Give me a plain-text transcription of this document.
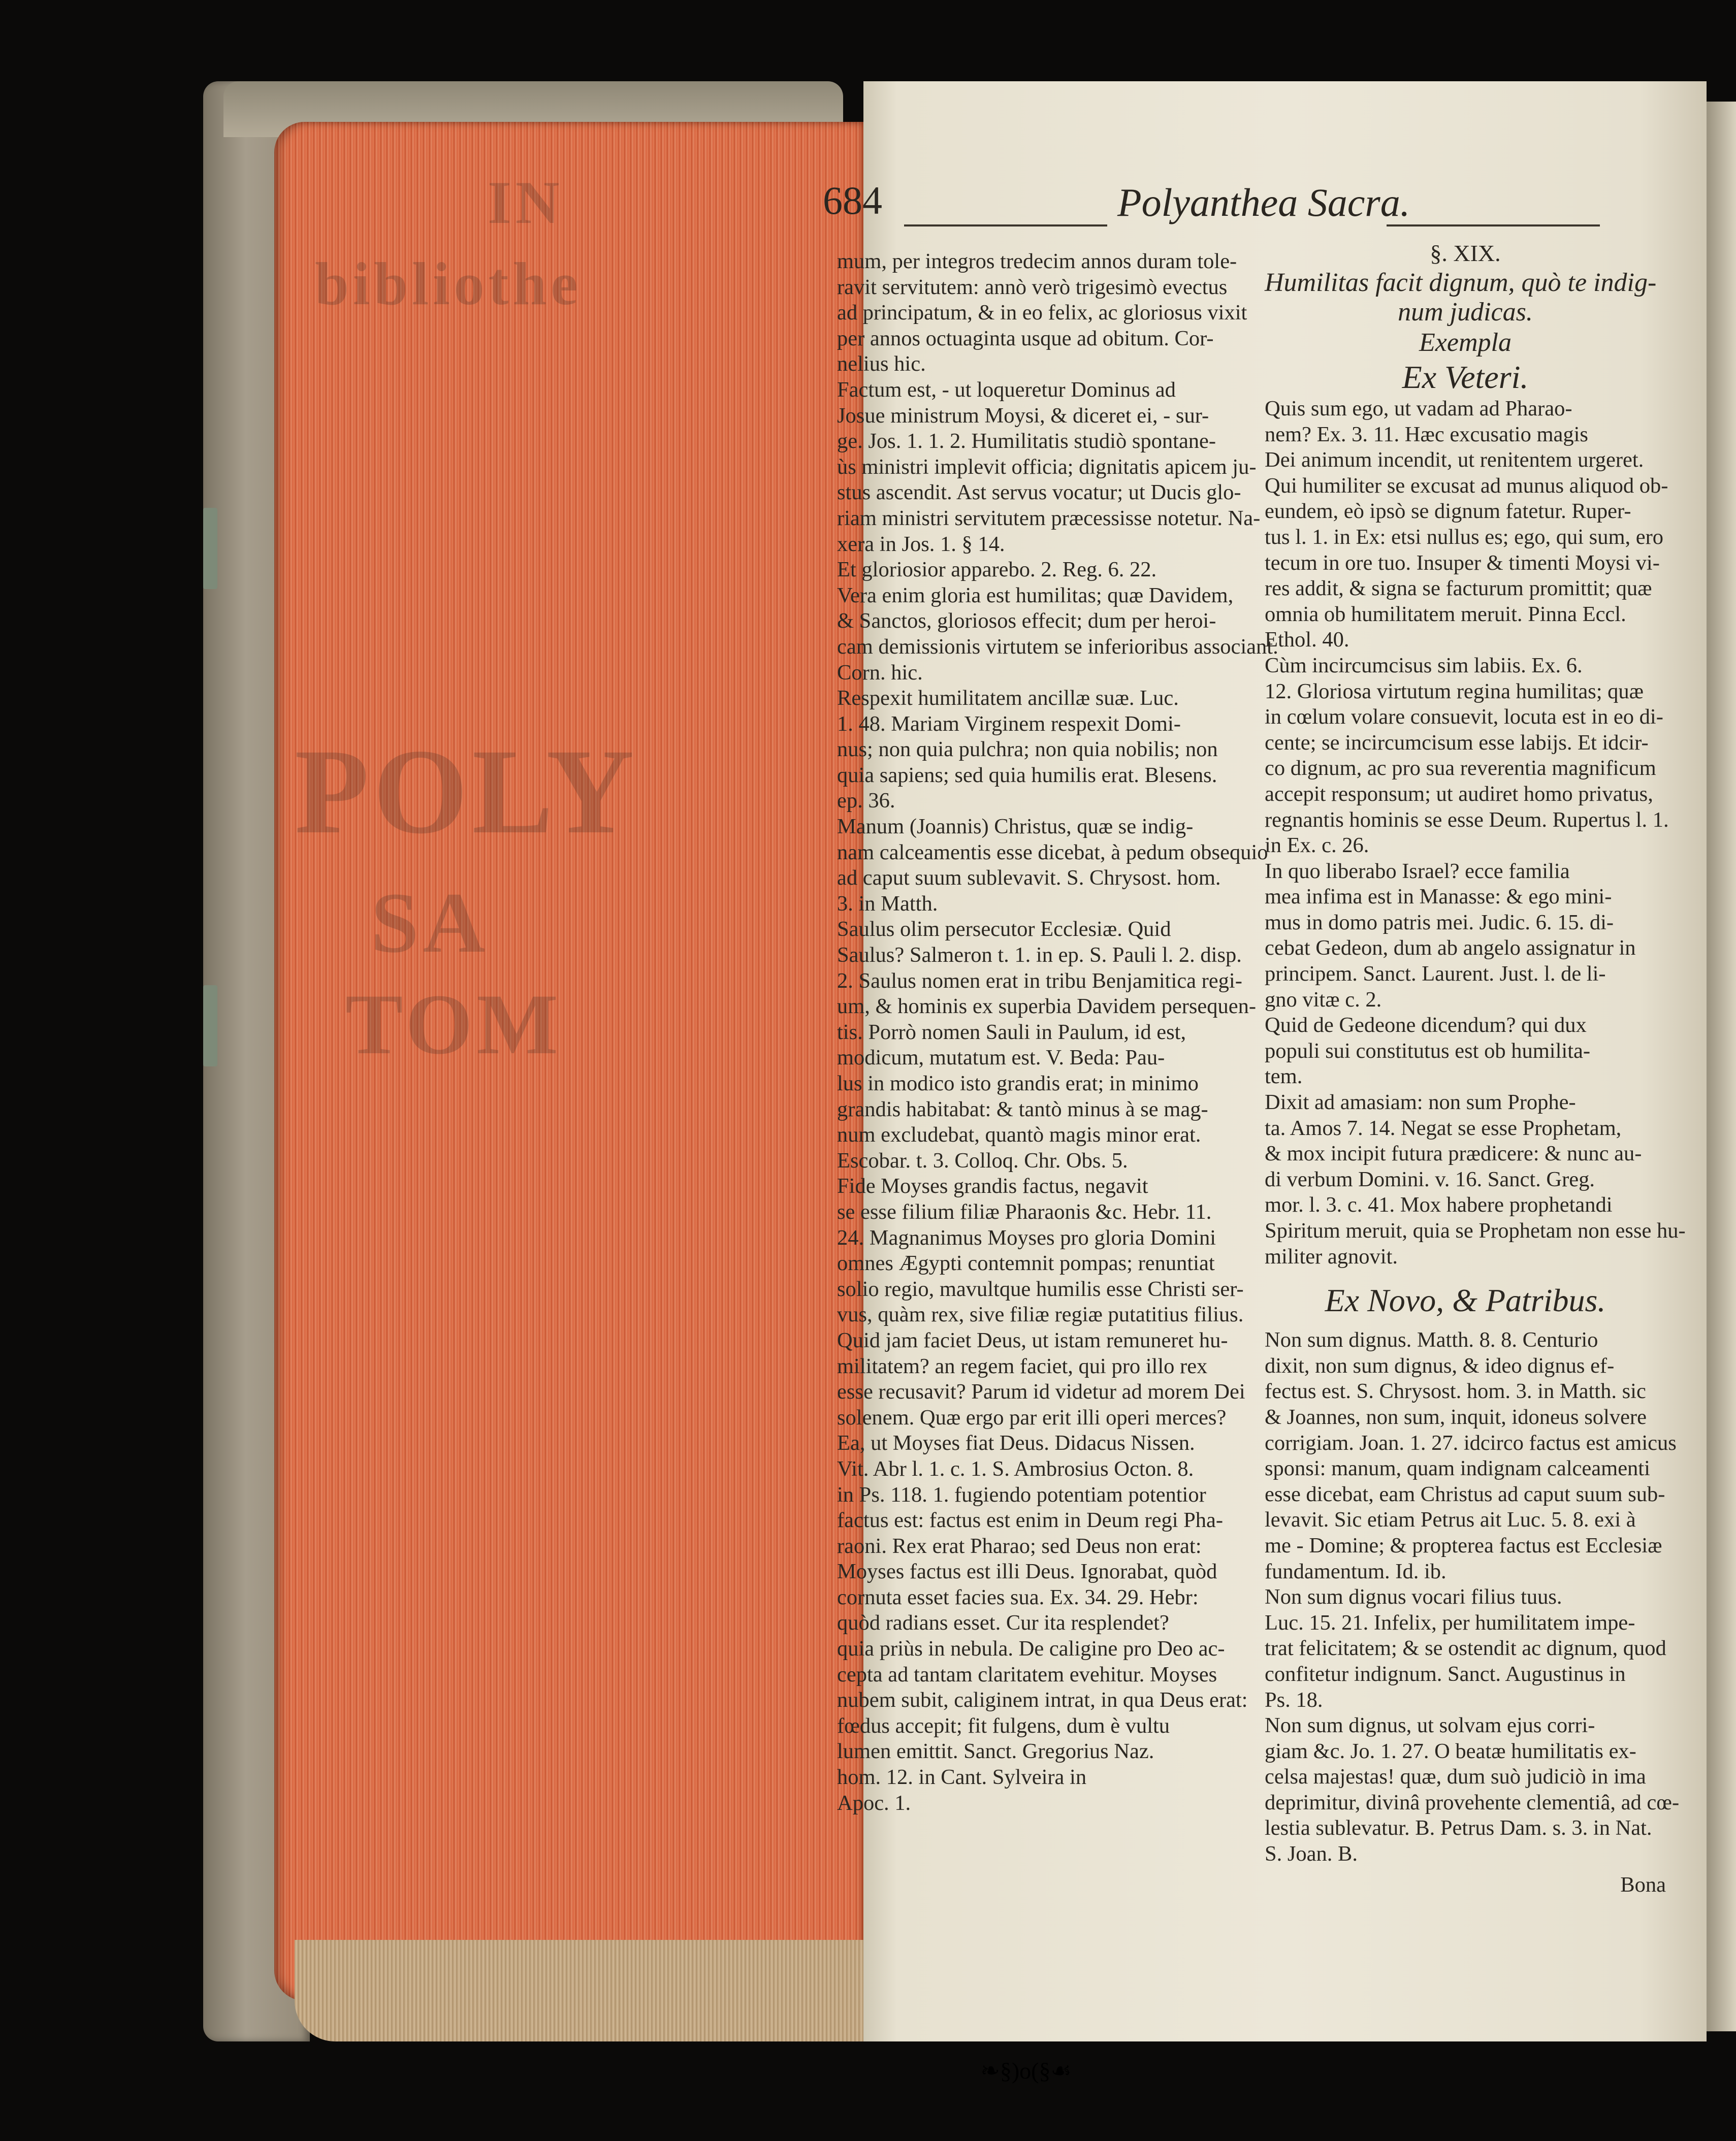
IN
bibliothe
POLY
SA
TOM
684	Polyanthea Sacra.
mum, per integros tredecim annos duram tole-
ravit servitutem: annò verò trigesimò evectus
ad principatum, & in eo felix, ac gloriosus vixit
per annos octuaginta usque ad obitum. Cor-
nelius hic.
Factum est, - ut loqueretur Dominus ad
Josue ministrum Moysi, & diceret ei, - sur-
ge. Jos. 1. 1. 2. Humilitatis studiò spontane-
ùs ministri implevit officia; dignitatis apicem ju-
stus ascendit. Ast servus vocatur; ut Ducis glo-
riam ministri servitutem præcessisse notetur. Na-
xera in Jos. 1. § 14.
Et gloriosior apparebo. 2. Reg. 6. 22.
Vera enim gloria est humilitas; quæ Davidem,
& Sanctos, gloriosos effecit; dum per heroi-
cam demissionis virtutem se inferioribus associant.
Corn. hic.
Respexit humilitatem ancillæ suæ. Luc.
1. 48. Mariam Virginem respexit Domi-
nus; non quia pulchra; non quia nobilis; non
quia sapiens; sed quia humilis erat. Blesens.
ep. 36.
Manum (Joannis) Christus, quæ se indig-
nam calceamentis esse dicebat, à pedum obsequio
ad caput suum sublevavit. S. Chrysost. hom.
3. in Matth.
Saulus olim persecutor Ecclesiæ. Quid
Saulus? Salmeron t. 1. in ep. S. Pauli l. 2. disp.
2. Saulus nomen erat in tribu Benjamitica regi-
um, & hominis ex superbia Davidem persequen-
tis. Porrò nomen Sauli in Paulum, id est,
modicum, mutatum est. V. Beda: Pau-
lus in modico isto grandis erat; in minimo
grandis habitabat: & tantò minus à se mag-
num excludebat, quantò magis minor erat.
Escobar. t. 3. Colloq. Chr. Obs. 5.
Fide Moyses grandis factus, negavit
se esse filium filiæ Pharaonis &c. Hebr. 11.
24. Magnanimus Moyses pro gloria Domini
omnes Ægypti contemnit pompas; renuntiat
solio regio, mavultque humilis esse Christi ser-
vus, quàm rex, sive filiæ regiæ putatitius filius.
Quid jam faciet Deus, ut istam remuneret hu-
militatem? an regem faciet, qui pro illo rex
esse recusavit? Parum id videtur ad morem Dei
solenem. Quæ ergo par erit illi operi merces?
Ea, ut Moyses fiat Deus. Didacus Nissen.
Vit. Abr l. 1. c. 1. S. Ambrosius Octon. 8.
in Ps. 118. 1. fugiendo potentiam potentior
factus est: factus est enim in Deum regi Pha-
raoni. Rex erat Pharao; sed Deus non erat:
Moyses factus est illi Deus. Ignorabat, quòd
cornuta esset facies sua. Ex. 34. 29. Hebr:
quòd radians esset. Cur ita resplendet?
quia priùs in nebula. De caligine pro Deo ac-
cepta ad tantam claritatem evehitur. Moyses
nubem subit, caliginem intrat, in qua Deus erat:
fœdus accepit; fit fulgens, dum è vultu
lumen emittit. Sanct. Gregorius Naz.
hom. 12. in Cant. Sylveira in
Apoc. 1.
❧§)o(§☙
§. XIX.
Humilitas facit dignum, quò te indig-
num judicas.
Exempla
Ex Veteri.
Quis sum ego, ut vadam ad Pharao-
nem? Ex. 3. 11. Hæc excusatio magis
Dei animum incendit, ut renitentem urgeret.
Qui humiliter se excusat ad munus aliquod ob-
eundem, eò ipsò se dignum fatetur. Ruper-
tus l. 1. in Ex: etsi nullus es; ego, qui sum, ero
tecum in ore tuo. Insuper & timenti Moysi vi-
res addit, & signa se facturum promittit; quæ
omnia ob humilitatem meruit. Pinna Eccl.
Ethol. 40.
Cùm incircumcisus sim labiis. Ex. 6.
12. Gloriosa virtutum regina humilitas; quæ
in cœlum volare consuevit, locuta est in eo di-
cente; se incircumcisum esse labijs. Et idcir-
co dignum, ac pro sua reverentia magnificum
accepit responsum; ut audiret homo privatus,
regnantis hominis se esse Deum. Rupertus l. 1.
in Ex. c. 26.
In quo liberabo Israel? ecce familia
mea infima est in Manasse: & ego mini-
mus in domo patris mei. Judic. 6. 15. di-
cebat Gedeon, dum ab angelo assignatur in
principem. Sanct. Laurent. Just. l. de li-
gno vitæ c. 2.
Quid de Gedeone dicendum? qui dux
populi sui constitutus est ob humilita-
tem.
Dixit ad amasiam: non sum Prophe-
ta. Amos 7. 14. Negat se esse Prophetam,
& mox incipit futura prædicere: & nunc au-
di verbum Domini. v. 16. Sanct. Greg.
mor. l. 3. c. 41. Mox habere prophetandi
Spiritum meruit, quia se Prophetam non esse hu-
militer agnovit.
Ex Novo, & Patribus.
Non sum dignus. Matth. 8. 8. Centurio
dixit, non sum dignus, & ideo dignus ef-
fectus est. S. Chrysost. hom. 3. in Matth. sic
& Joannes, non sum, inquit, idoneus solvere
corrigiam. Joan. 1. 27. idcirco factus est amicus
sponsi: manum, quam indignam calceamenti
esse dicebat, eam Christus ad caput suum sub-
levavit. Sic etiam Petrus ait Luc. 5. 8. exi à
me - Domine; & propterea factus est Ecclesiæ
fundamentum. Id. ib.
Non sum dignus vocari filius tuus.
Luc. 15. 21. Infelix, per humilitatem impe-
trat felicitatem; & se ostendit ac dignum, quod
confitetur indignum. Sanct. Augustinus in
Ps. 18.
Non sum dignus, ut solvam ejus corri-
giam &c. Jo. 1. 27. O beatæ humilitatis ex-
celsa majestas! quæ, dum suò judiciò in ima
deprimitur, divinâ provehente clementiâ, ad cœ-
lestia sublevatur. B. Petrus Dam. s. 3. in Nat.
S. Joan. B.
Bona
